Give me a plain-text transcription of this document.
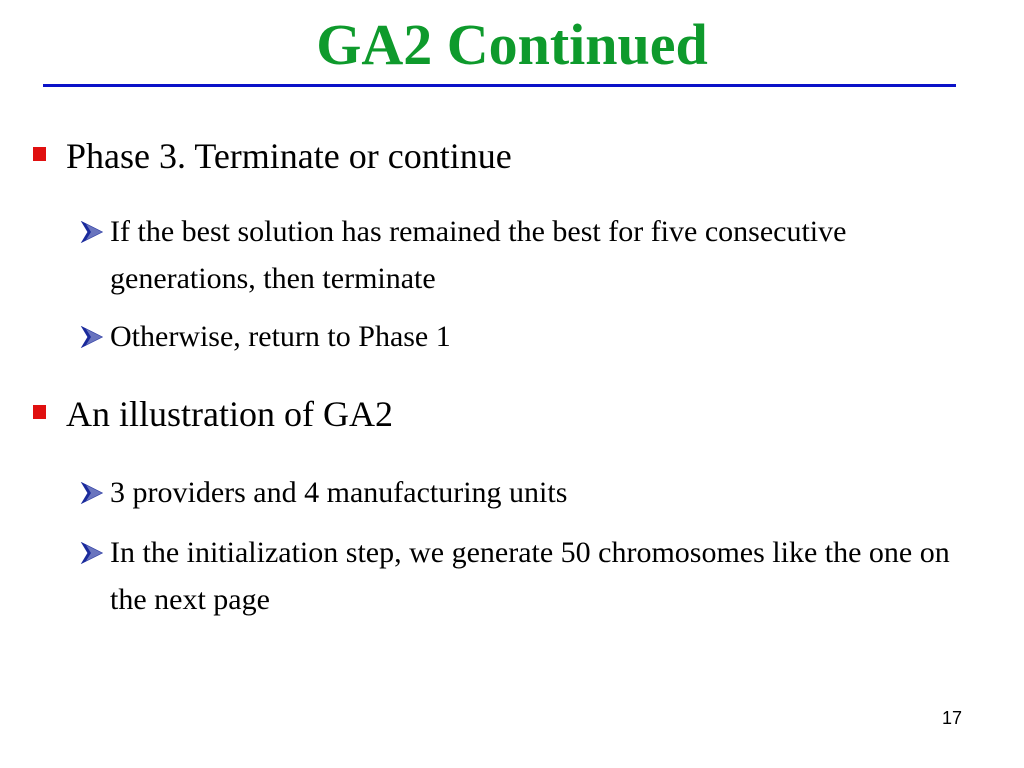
GA2 Continued
Phase 3. Terminate or continue
If the best solution has remained the best for five consecutive generations, then terminate
Otherwise, return to Phase 1
An illustration of GA2
3 providers and 4 manufacturing units
In the initialization step, we generate 50 chromosomes like the one on the next page
17
